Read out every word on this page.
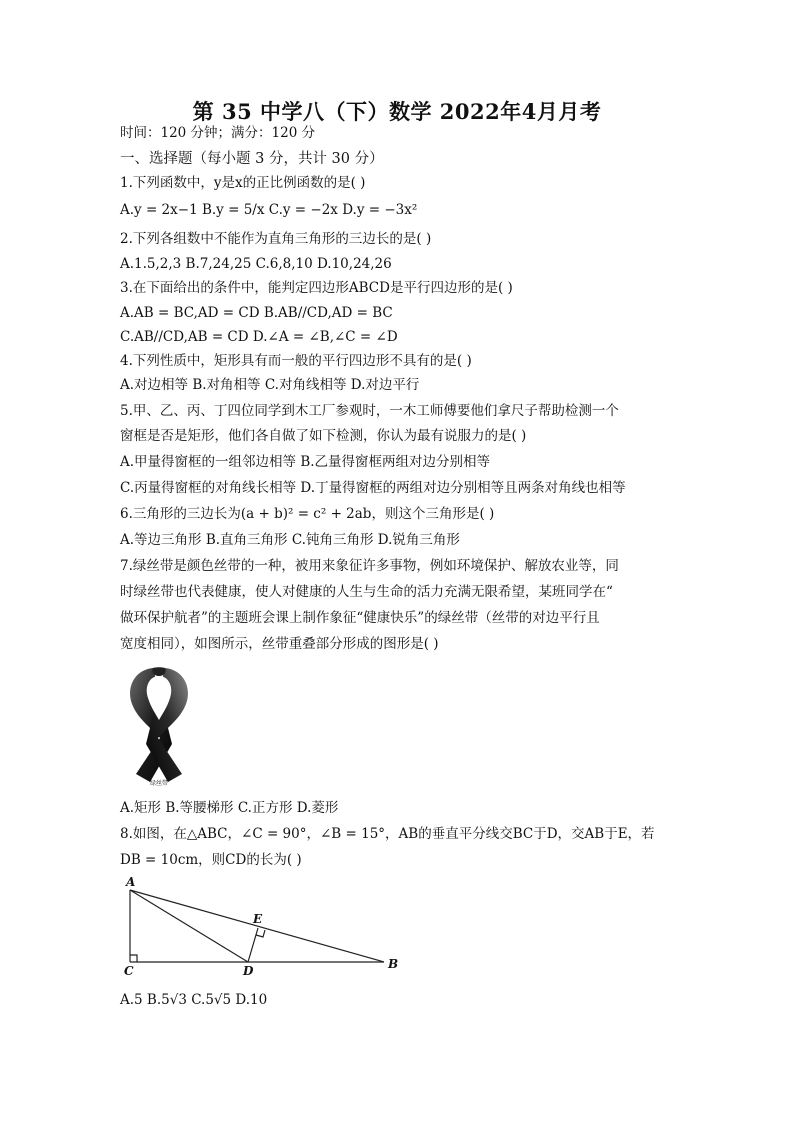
第 35 中学八（下）数学 2022年4月月考
时间：120 分钟；满分：120 分
一、选择题（每小题 3 分，共计 30 分）
1.下列函数中，y是x的正比例函数的是( )
A.y = 2x−1 B.y = 5/x C.y = −2x D.y = −3x²
2.下列各组数中不能作为直角三角形的三边长的是( )
A.1.5,2,3 B.7,24,25 C.6,8,10 D.10,24,26
3.在下面给出的条件中，能判定四边形ABCD是平行四边形的是( )
A.AB = BC,AD = CD B.AB//CD,AD = BC
C.AB//CD,AB = CD D.∠A = ∠B,∠C = ∠D
4.下列性质中，矩形具有而一般的平行四边形不具有的是( )
A.对边相等 B.对角相等 C.对角线相等 D.对边平行
5.甲、乙、丙、丁四位同学到木工厂参观时，一木工师傅要他们拿尺子帮助检测一个
窗框是否是矩形，他们各自做了如下检测，你认为最有说服力的是( )
A.甲量得窗框的一组邻边相等 B.乙量得窗框两组对边分别相等
C.丙量得窗框的对角线长相等 D.丁量得窗框的两组对边分别相等且两条对角线也相等
6.三角形的三边长为(a + b)² = c² + 2ab，则这个三角形是( )
A.等边三角形 B.直角三角形 C.钝角三角形 D.锐角三角形
7.绿丝带是颜色丝带的一种，被用来象征许多事物，例如环境保护、解放农业等，同
时绿丝带也代表健康，使人对健康的人生与生命的活力充满无限希望，某班同学在“
做环保护航者”的主题班会课上制作象征“健康快乐”的绿丝带（丝带的对边平行且
宽度相同），如图所示，丝带重叠部分形成的图形是( )
绿丝带
A.矩形 B.等腰梯形 C.正方形 D.菱形
8.如图，在△ABC，∠C = 90°，∠B = 15°，AB的垂直平分线交BC于D，交AB于E，若
DB = 10cm，则CD的长为( )
A
C	D	B
E
A.5 B.5√3 C.5√5 D.10
